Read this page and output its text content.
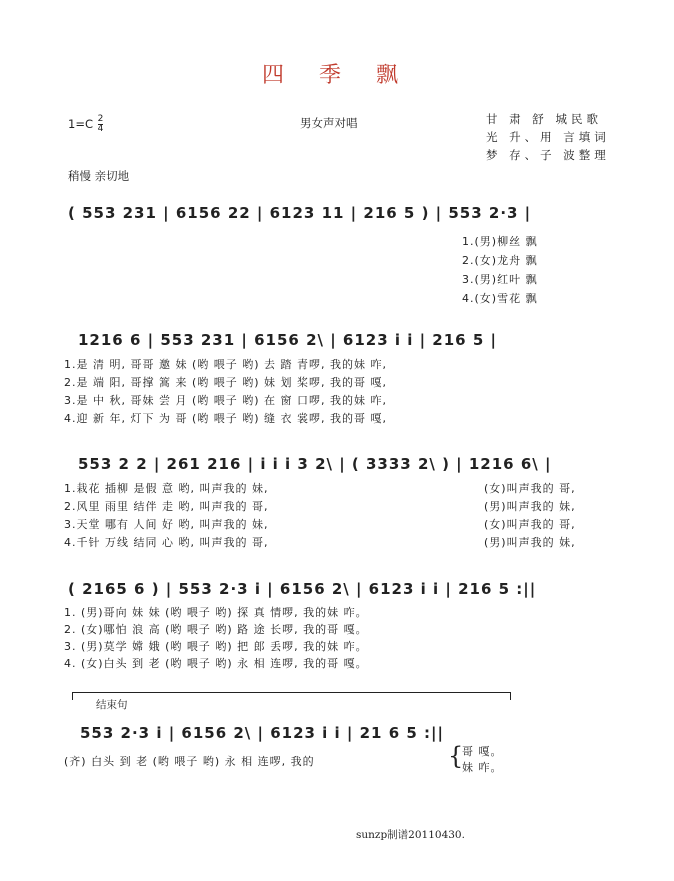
四 季 飘
$1=C \frac{2}{4}$	男女声对唱	甘 肃 舒 城民歌
光 升、用 言填词
梦 存、子 波整理
稍慢 亲切地
( 553 231 | 6156 22 | 6123 11 | 216 5 ) | 553 2·3 |
1.(男)柳丝 飘
2.(女)龙舟 飘
3.(男)红叶 飘
4.(女)雪花 飘
1216 6 | 553 231 | 6156 2\ | 6123 i i | 216 5 |
1.是 清 明, 哥哥 邀 妹 (哟 喂子 哟) 去 踏 青啰, 我的妹 咋,
2.是 端 阳, 哥撑 篙 来 (哟 喂子 哟) 妹 划 桨啰, 我的哥 嘎,
3.是 中 秋, 哥妹 尝 月 (哟 喂子 哟) 在 窗 口啰, 我的妹 咋,
4.迎 新 年, 灯下 为 哥 (哟 喂子 哟) 缝 衣 裳啰, 我的哥 嘎,
553 2 2 | 261 216 | i i i 3 2\ | ( 3333 2\ ) | 1216 6\ |
1.栽花 插柳 是假 意 哟, 叫声我的 妹,
2.风里 雨里 结伴 走 哟, 叫声我的 哥,
3.天堂 哪有 人间 好 哟, 叫声我的 妹,
4.千针 万线 结同 心 哟, 叫声我的 哥,
(女)叫声我的 哥,
(男)叫声我的 妹,
(女)叫声我的 哥,
(男)叫声我的 妹,
( 2165 6 ) | 553 2·3 i | 6156 2\ | 6123 i i | 216 5 :||
1. (男)哥向 妹 妹 (哟 喂子 哟) 探 真 情啰, 我的妹 咋。
2. (女)哪怕 浪 高 (哟 喂子 哟) 路 途 长啰, 我的哥 嘎。
3. (男)莫学 嫦 娥 (哟 喂子 哟) 把 郎 丢啰, 我的妹 咋。
4. (女)白头 到 老 (哟 喂子 哟) 永 相 连啰, 我的哥 嘎。
结束句
553 2·3 i | 6156 2\ | 6123 i i | 21 6 5 :||
(齐) 白头 到 老 (哟 喂子 哟) 永 相 连啰, 我的	{
哥 嘎。
妹 咋。
sunzp制谱20110430.
